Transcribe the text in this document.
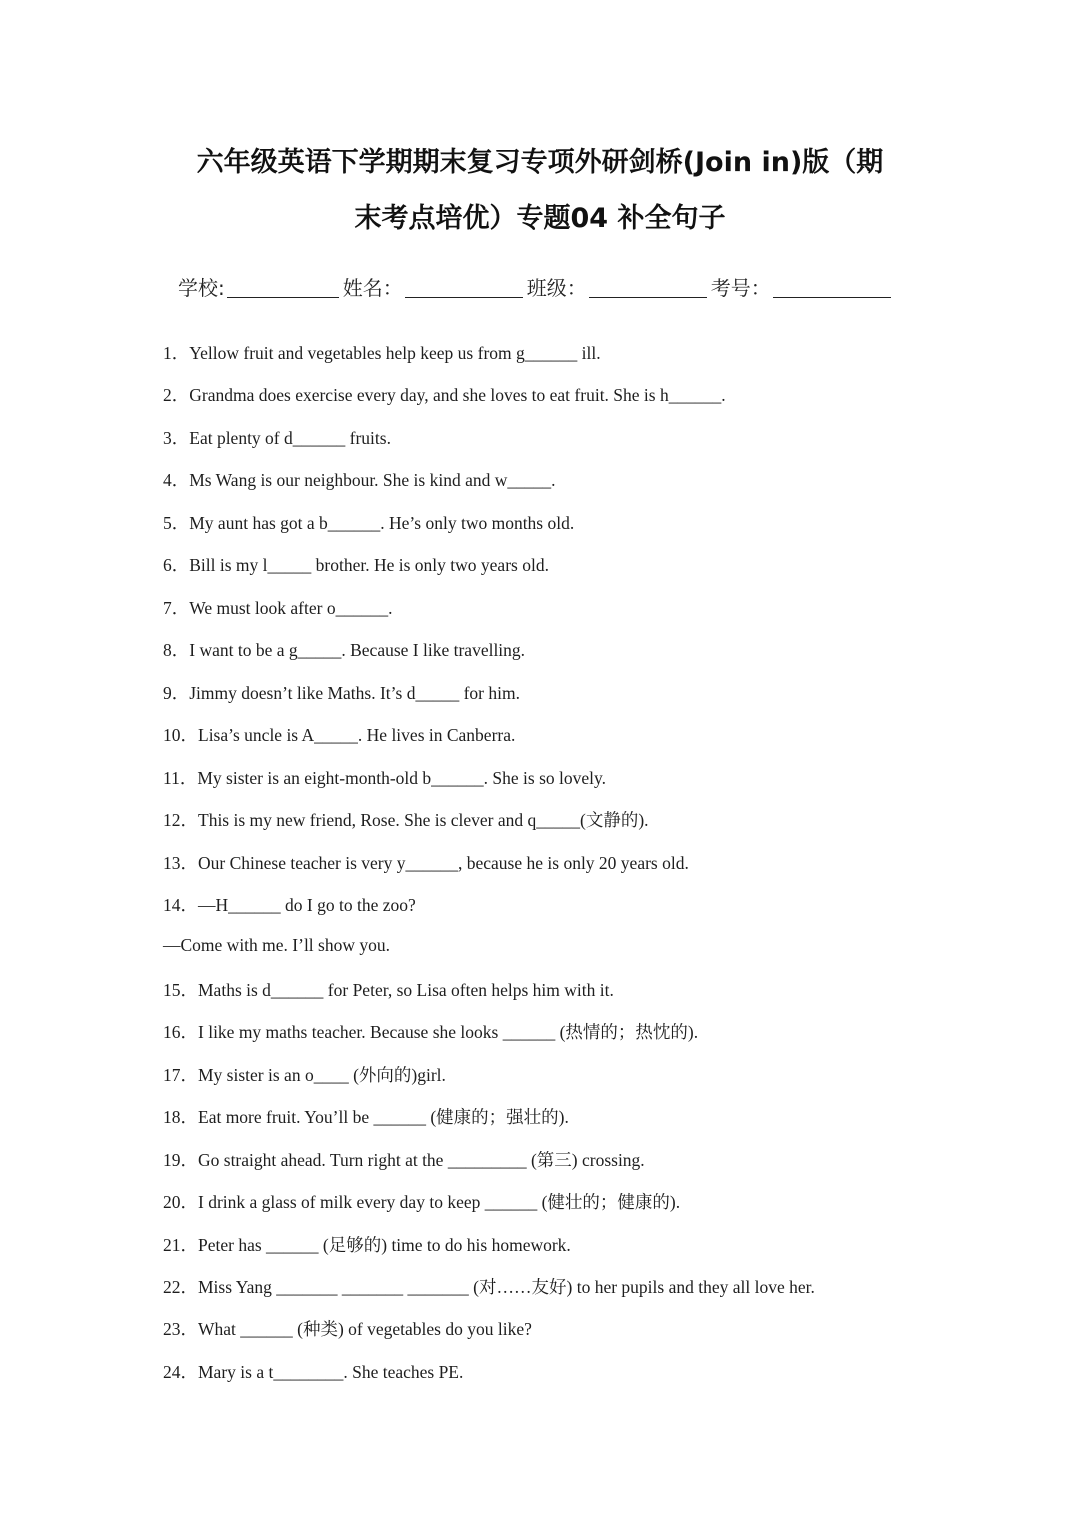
六年级英语下学期期末复习专项外研剑桥(Join in)版（期
末考点培优）专题04 补全句子
学校:	姓名：	班级：	考号：
1．Yellow fruit and vegetables help keep us from g______ ill.
2．Grandma does exercise every day, and she loves to eat fruit. She is h______.
3．Eat plenty of d______ fruits.
4．Ms Wang is our neighbour. She is kind and w_____.
5．My aunt has got a b______. He’s only two months old.
6．Bill is my l_____ brother. He is only two years old.
7．We must look after o______.
8．I want to be a g_____. Because I like travelling.
9．Jimmy doesn’t like Maths. It’s d_____ for him.
10．Lisa’s uncle is A_____. He lives in Canberra.
11．My sister is an eight-month-old b______. She is so lovely.
12．This is my new friend, Rose. She is clever and q_____(文静的).
13．Our Chinese teacher is very y______, because he is only 20 years old.
14．—H______ do I go to the zoo?
—Come with me. I’ll show you.
15．Maths is d______ for Peter, so Lisa often helps him with it.
16．I like my maths teacher. Because she looks ______ (热情的；热忱的).
17．My sister is an o____ (外向的)girl.
18．Eat more fruit. You’ll be ______ (健康的；强壮的).
19．Go straight ahead. Turn right at the _________ (第三) crossing.
20．I drink a glass of milk every day to keep ______ (健壮的；健康的).
21．Peter has ______ (足够的) time to do his homework.
22．Miss Yang _______ _______ _______ (对……友好) to her pupils and they all love her.
23．What ______ (种类) of vegetables do you like?
24．Mary is a t________. She teaches PE.
